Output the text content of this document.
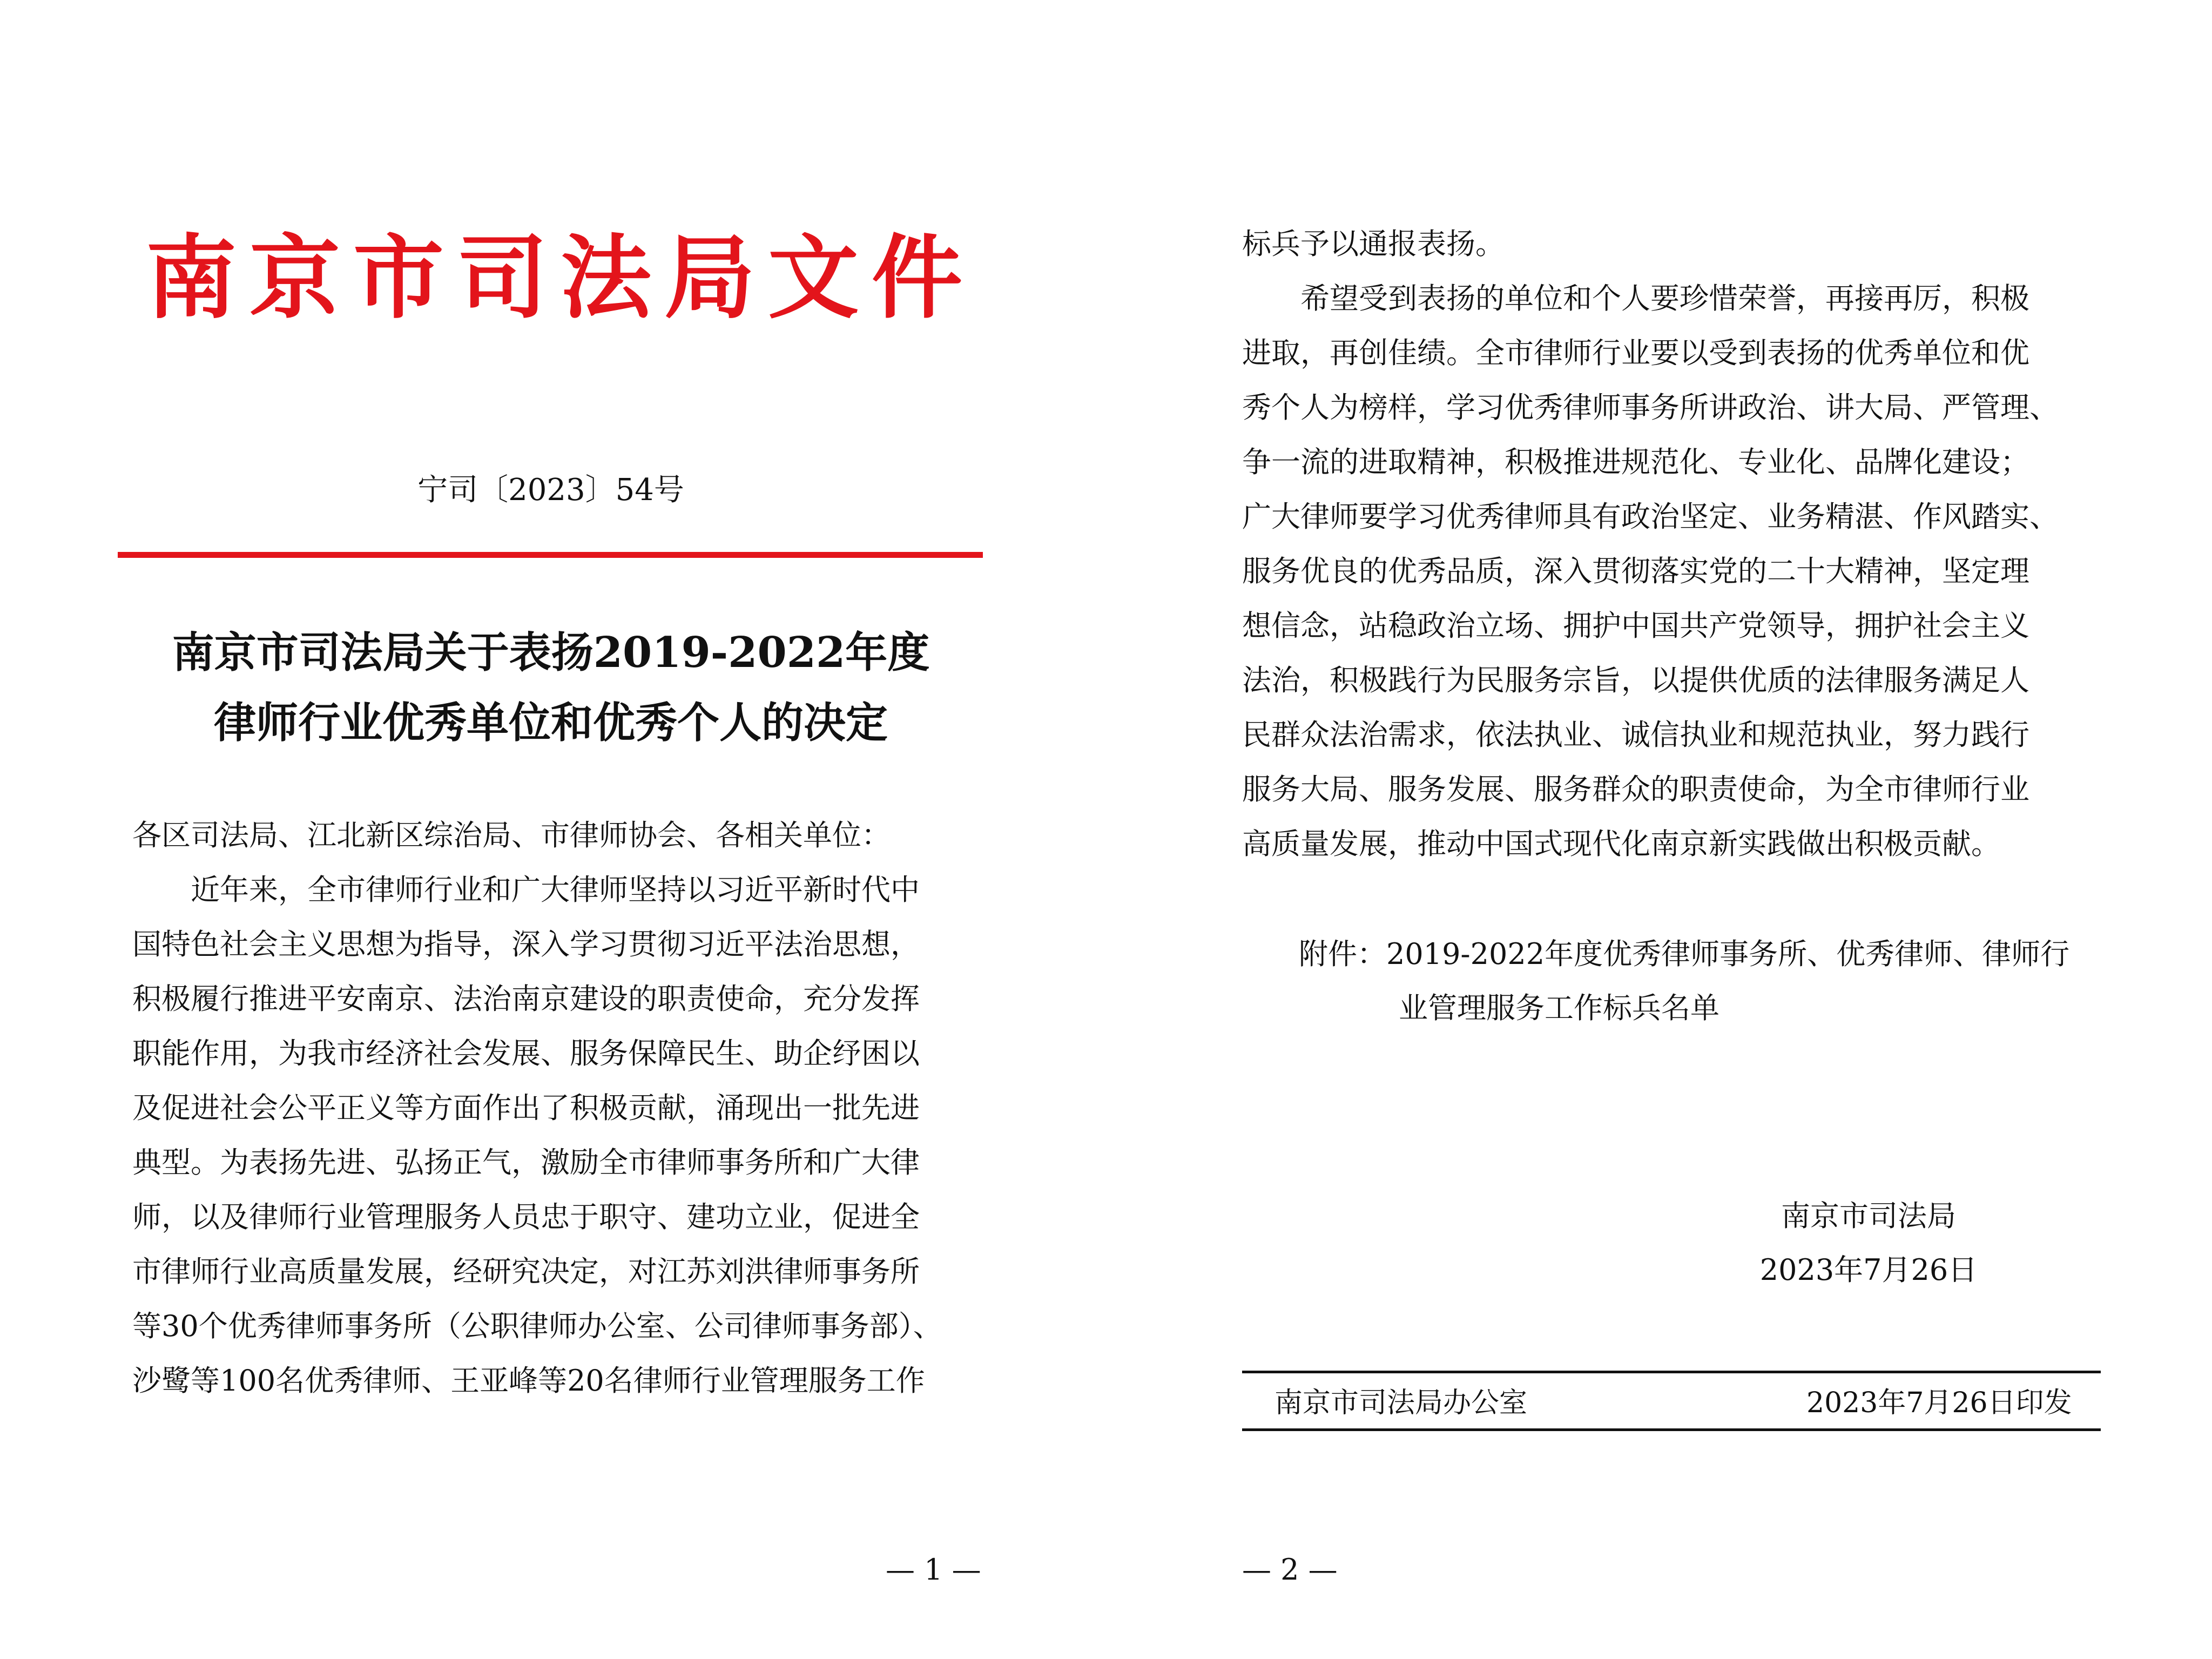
南京市司法局文件
宁司〔2023〕54号
南京市司法局关于表扬2019-2022年度
律师行业优秀单位和优秀个人的决定
各区司法局、江北新区综治局、市律师协会、各相关单位：
　　近年来，全市律师行业和广大律师坚持以习近平新时代中
国特色社会主义思想为指导，深入学习贯彻习近平法治思想，
积极履行推进平安南京、法治南京建设的职责使命，充分发挥
职能作用，为我市经济社会发展、服务保障民生、助企纾困以
及促进社会公平正义等方面作出了积极贡献，涌现出一批先进
典型。为表扬先进、弘扬正气，激励全市律师事务所和广大律
师，以及律师行业管理服务人员忠于职守、建功立业，促进全
市律师行业高质量发展，经研究决定，对江苏刘洪律师事务所
等30个优秀律师事务所（公职律师办公室、公司律师事务部）、
沙鹭等100名优秀律师、王亚峰等20名律师行业管理服务工作
— 1 —
标兵予以通报表扬。
　　希望受到表扬的单位和个人要珍惜荣誉，再接再厉，积极
进取，再创佳绩。全市律师行业要以受到表扬的优秀单位和优
秀个人为榜样，学习优秀律师事务所讲政治、讲大局、严管理、
争一流的进取精神，积极推进规范化、专业化、品牌化建设；
广大律师要学习优秀律师具有政治坚定、业务精湛、作风踏实、
服务优良的优秀品质，深入贯彻落实党的二十大精神，坚定理
想信念，站稳政治立场、拥护中国共产党领导，拥护社会主义
法治，积极践行为民服务宗旨，以提供优质的法律服务满足人
民群众法治需求，依法执业、诚信执业和规范执业，努力践行
服务大局、服务发展、服务群众的职责使命，为全市律师行业
高质量发展，推动中国式现代化南京新实践做出积极贡献。
附件：2019-2022年度优秀律师事务所、优秀律师、律师行
业管理服务工作标兵名单
南京市司法局
2023年7月26日
南京市司法局办公室	2023年7月26日印发
— 2 —
